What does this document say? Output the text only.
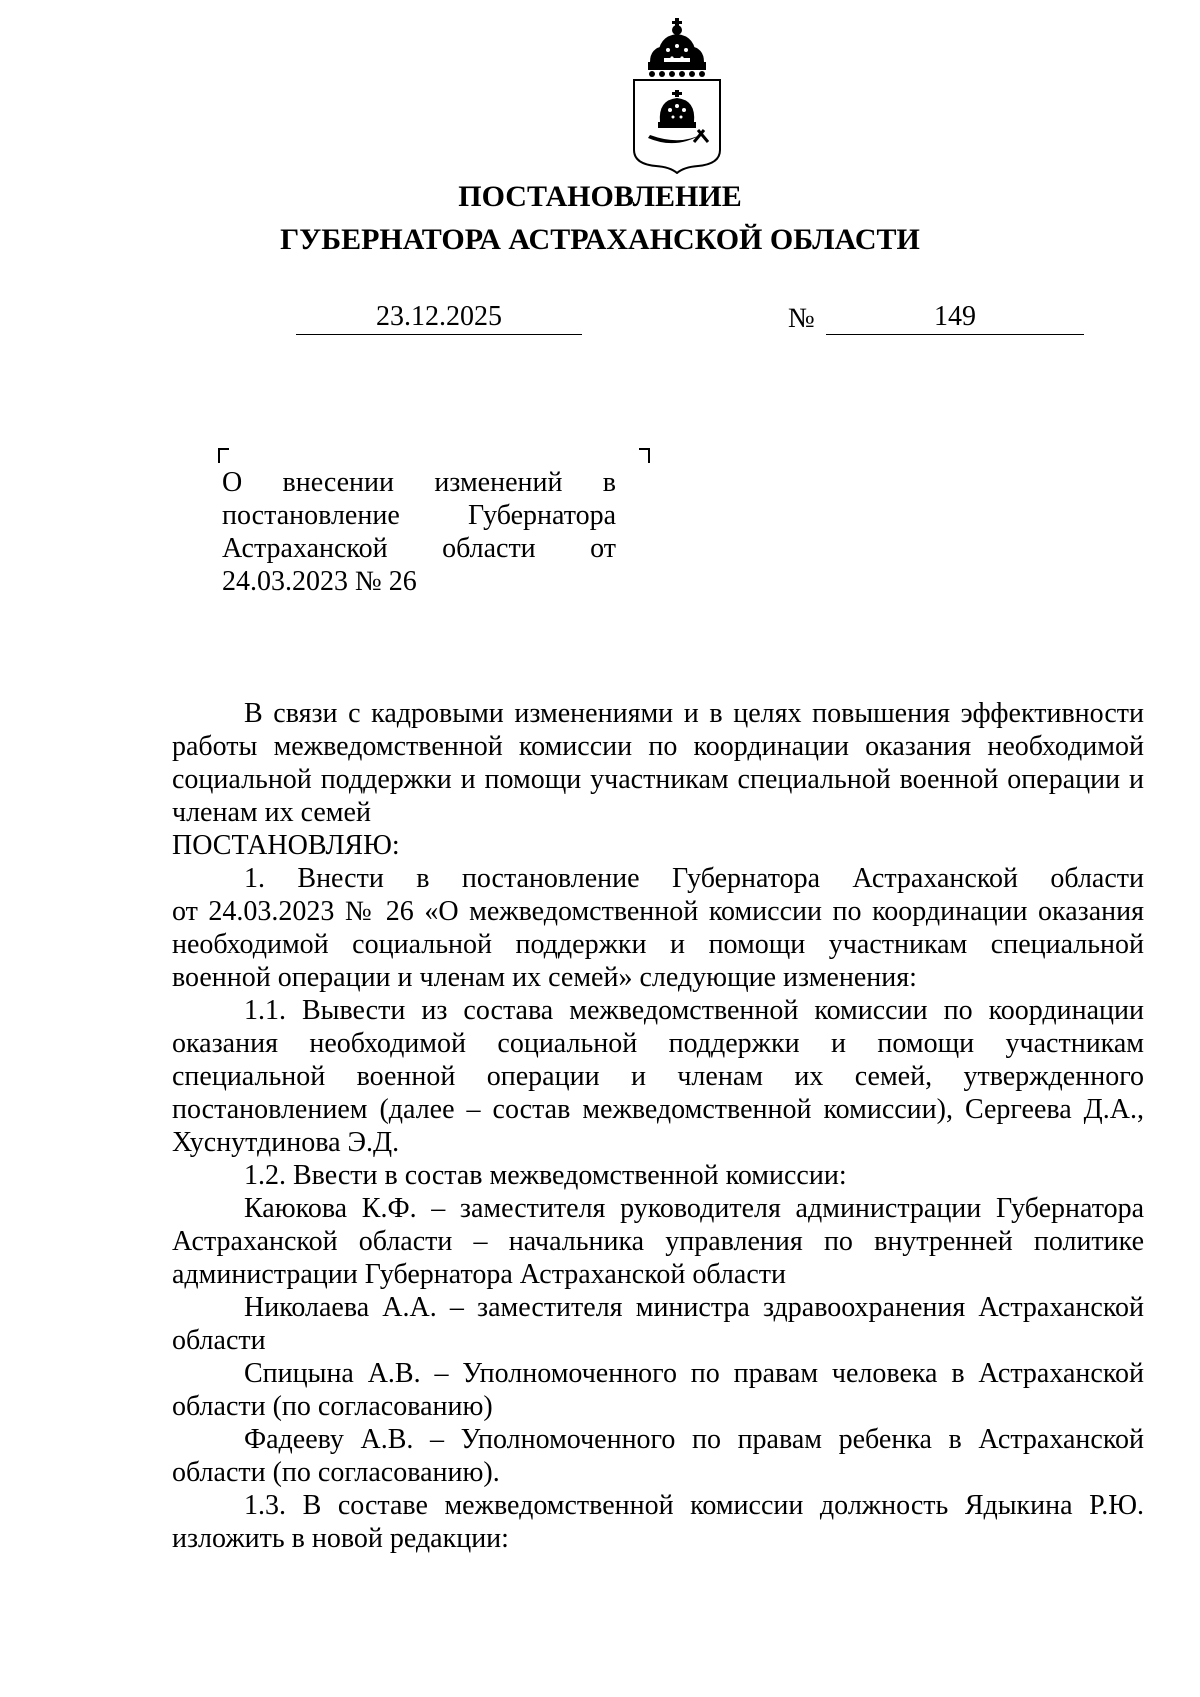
ПОСТАНОВЛЕНИЕ
ГУБЕРНАТОРА АСТРАХАНСКОЙ ОБЛАСТИ
23.12.2025	№	149
О внесении изменений в
постановление Губернатора
Астраханской области от
24.03.2023 № 26
В связи с кадровыми изменениями и в целях повышения эффективности
работы межведомственной комиссии по координации оказания необходимой
социальной поддержки и помощи участникам специальной военной операции и
членам их семей
ПОСТАНОВЛЯЮ:
1. Внести в постановление Губернатора Астраханской области
от 24.03.2023 № 26 «О межведомственной комиссии по координации оказания
необходимой социальной поддержки и помощи участникам специальной
военной операции и членам их семей» следующие изменения:
1.1. Вывести из состава межведомственной комиссии по координации
оказания необходимой социальной поддержки и помощи участникам
специальной военной операции и членам их семей, утвержденного
постановлением (далее – состав межведомственной комиссии), Сергеева Д.А.,
Хуснутдинова Э.Д.
1.2. Ввести в состав межведомственной комиссии:
Каюкова К.Ф. – заместителя руководителя администрации Губернатора
Астраханской области – начальника управления по внутренней политике
администрации Губернатора Астраханской области
Николаева А.А. – заместителя министра здравоохранения Астраханской
области
Спицына А.В. – Уполномоченного по правам человека в Астраханской
области (по согласованию)
Фадееву А.В. – Уполномоченного по правам ребенка в Астраханской
области (по согласованию).
1.3. В составе межведомственной комиссии должность Ядыкина Р.Ю.
изложить в новой редакции:
